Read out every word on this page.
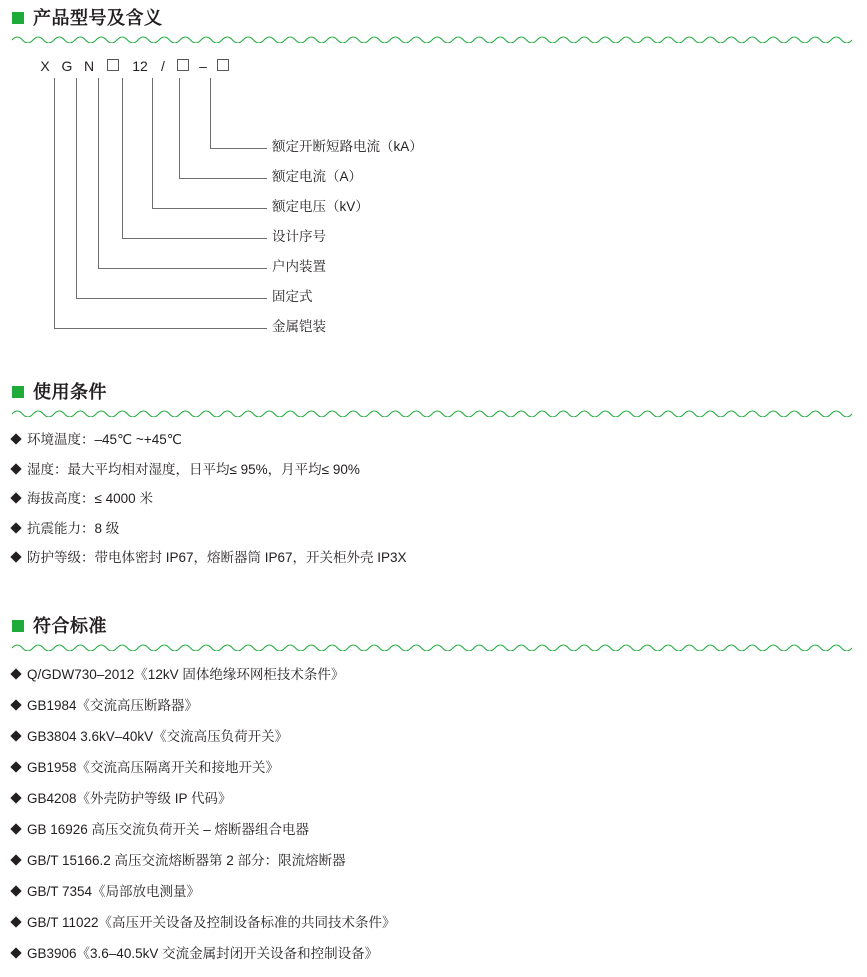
产品型号及含义
X G N	12 /	–
额定开断短路电流（kA）
额定电流（A）
额定电压（kV）
设计序号
户内装置
固定式
金属铠装
使用条件
环境温度：–45℃ ~+45℃
湿度：最大平均相对湿度，日平均≤ 95%，月平均≤ 90%
海拔高度：≤ 4000 米
抗震能力：8 级
防护等级：带电体密封 IP67，熔断器筒 IP67，开关柜外壳 IP3X
符合标准
Q/GDW730–2012《12kV 固体绝缘环网柜技术条件》
GB1984《交流高压断路器》
GB3804 3.6kV–40kV《交流高压负荷开关》
GB1958《交流高压隔离开关和接地开关》
GB4208《外壳防护等级 IP 代码》
GB 16926 高压交流负荷开关 – 熔断器组合电器
GB/T 15166.2 高压交流熔断器第 2 部分：限流熔断器
GB/T 7354《局部放电测量》
GB/T 11022《高压开关设备及控制设备标准的共同技术条件》
GB3906《3.6–40.5kV 交流金属封闭开关设备和控制设备》
